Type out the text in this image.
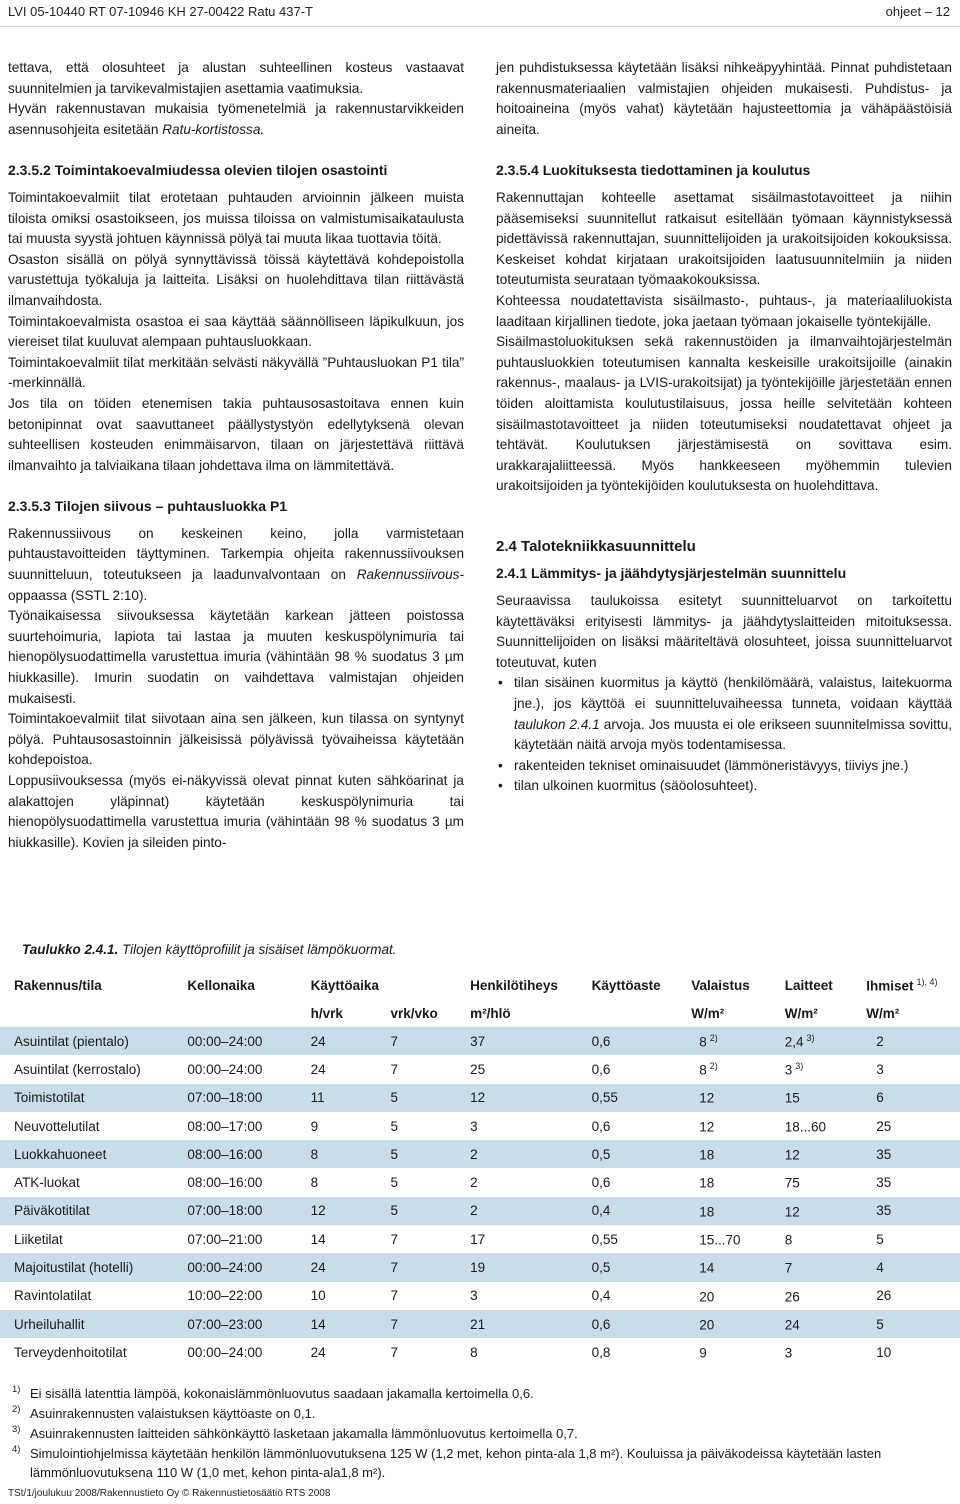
LVI 05-10440 RT 07-10946 KH 27-00422 Ratu 437-T	ohjeet – 12

tettava, että olosuhteet ja alustan suhteellinen kosteus vastaavat suunnitelmien ja tarvikevalmistajien asettamia vaatimuksia.

Hyvän rakennustavan mukaisia työmenetelmiä ja rakennustarvikkeiden asennusohjeita esitetään Ratu-kortistossa.

2.3.5.2 Toimintakoevalmiudessa olevien tilojen osastointi

Toimintakoevalmiit tilat erotetaan puhtauden arvioinnin jälkeen muista tiloista omiksi osastoikseen, jos muissa tiloissa on valmistumisaikataulusta tai muusta syystä johtuen käynnissä pölyä tai muuta likaa tuottavia töitä.

Osaston sisällä on pölyä synnyttävissä töissä käytettävä kohdepoistolla varustettuja työkaluja ja laitteita. Lisäksi on huolehdittava tilan riittävästä ilmanvaihdosta.

Toimintakoevalmista osastoa ei saa käyttää säännölliseen läpikulkuun, jos viereiset tilat kuuluvat alempaan puhtausluokkaan.

Toimintakoevalmiit tilat merkitään selvästi näkyvällä ”Puhtausluokan P1 tila” -merkinnällä.

Jos tila on töiden etenemisen takia puhtausosastoitava ennen kuin betonipinnat ovat saavuttaneet päällystystyön edellytyksenä olevan suhteellisen kosteuden enimmäisarvon, tilaan on järjestettävä riittävä ilmanvaihto ja talviaikana tilaan johdettava ilma on lämmitettävä.

2.3.5.3 Tilojen siivous – puhtausluokka P1

Rakennussiivous on keskeinen keino, jolla varmistetaan puhtaustavoitteiden täyttyminen. Tarkempia ohjeita rakennussiivouksen suunnitteluun, toteutukseen ja laadunvalvontaan on Rakennussiivous-oppaassa (SSTL 2:10).

Työnaikaisessa siivouksessa käytetään karkean jätteen poistossa suurtehoimuria, lapiota tai lastaa ja muuten keskuspölynimuria tai hienopölysuodattimella varustettua imuria (vähintään 98 % suodatus 3 µm hiukkasille). Imurin suodatin on vaihdettava valmistajan ohjeiden mukaisesti.

Toimintakoevalmiit tilat siivotaan aina sen jälkeen, kun tilassa on syntynyt pölyä. Puhtausosastoinnin jälkeisissä pölyävissä työvaiheissa käytetään kohdepoistoa.

Loppusiivouksessa (myös ei-näkyvissä olevat pinnat kuten sähköarinat ja alakattojen yläpinnat) käytetään keskuspölynimuria tai hienopölysuodattimella varustettua imuria (vähintään 98 % suodatus 3 µm hiukkasille). Kovien ja sileiden pinto-

jen puhdistuksessa käytetään lisäksi nihkeäpyyhintää. Pinnat puhdistetaan rakennusmateriaalien valmistajien ohjeiden mukaisesti. Puhdistus- ja hoitoaineina (myös vahat) käytetään hajusteettomia ja vähäpäästöisiä aineita.

2.3.5.4 Luokituksesta tiedottaminen ja koulutus

Rakennuttajan kohteelle asettamat sisäilmastotavoitteet ja niihin pääsemiseksi suunnitellut ratkaisut esitellään työmaan käynnistyksessä pidettävissä rakennuttajan, suunnittelijoiden ja urakoitsijoiden kokouksissa. Keskeiset kohdat kirjataan urakoitsijoiden laatusuunnitelmiin ja niiden toteutumista seurataan työmaakokouksissa.

Kohteessa noudatettavista sisäilmasto-, puhtaus-, ja materiaaliluokista laaditaan kirjallinen tiedote, joka jaetaan työmaan jokaiselle työntekijälle.

Sisäilmastoluokituksen sekä rakennustöiden ja ilmanvaihtojärjestelmän puhtausluokkien toteutumisen kannalta keskeisille urakoitsijoille (ainakin rakennus-, maalaus- ja LVIS-urakoitsijat) ja työntekijöille järjestetään ennen töiden aloittamista koulutustilaisuus, jossa heille selvitetään kohteen sisäilmastotavoitteet ja niiden toteutumiseksi noudatettavat ohjeet ja tehtävät. Koulutuksen järjestämisestä on sovittava esim. urakkarajaliitteessä. Myös hankkeeseen myöhemmin tulevien urakoitsijoiden ja työntekijöiden koulutuksesta on huolehdittava.

2.4 Talotekniikkasuunnittelu
2.4.1 Lämmitys- ja jäähdytysjärjestelmän suunnittelu

Seuraavissa taulukoissa esitetyt suunnitteluarvot on tarkoitettu käytettäväksi erityisesti lämmitys- ja jäähdytyslaitteiden mitoituksessa. Suunnittelijoiden on lisäksi määriteltävä olosuhteet, joissa suunnitteluarvot toteutuvat, kuten

• tilan sisäinen kuormitus ja käyttö (henkilömäärä, valaistus, laitekuorma jne.), jos käyttöä ei suunnitteluvaiheessa tunneta, voidaan käyttää taulukon 2.4.1 arvoja. Jos muusta ei ole erikseen suunnitelmissa sovittu, käytetään näitä arvoja myös todentamisessa.

• rakenteiden tekniset ominaisuudet (lämmöneristävyys, tiiviys jne.)

• tilan ulkoinen kuormitus (säöolosuhteet).

Taulukko 2.4.1. Tilojen käyttöprofiilit ja sisäiset lämpökuormat.
Rakennus/tila	Kellonaika	Käyttöaika		Henkilötiheys	Käyttöaste	Valaistus	Laitteet	Ihmiset $^{1), 4)}$
		h/vrk	vrk/vko	m²/hlö		W/m²	W/m²	W/m²
Asuintilat (pientalo)	00:00–24:00	24	7	37	0,6	8 $^{2)}$	2,4 $^{3)}$	2
Asuintilat (kerrostalo)	00:00–24:00	24	7	25	0,6	8 $^{2)}$	3 $^{3)}$	3
Toimistotilat	07:00–18:00	11	5	12	0,55	12	15	6
Neuvottelutilat	08:00–17:00	9	5	3	0,6	12	18...60	25
Luokkahuoneet	08:00–16:00	8	5	2	0,5	18	12	35
ATK-luokat	08:00–16:00	8	5	2	0,6	18	75	35
Päiväkotitilat	07:00–18:00	12	5	2	0,4	18	12	35
Liiketilat	07:00–21:00	14	7	17	0,55	15...70	8	5
Majoitustilat (hotelli)	00:00–24:00	24	7	19	0,5	14	7	4
Ravintolatilat	10:00–22:00	10	7	3	0,4	20	26	26
Urheiluhallit	07:00–23:00	14	7	21	0,6	20	24	5
Terveydenhoitotilat	00:00–24:00	24	7	8	0,8	9	3	10
1) Ei sisällä latenttia lämpöä, kokonaislämmönluovutus saadaan jakamalla kertoimella 0,6.
2) Asuinrakennusten valaistuksen käyttöaste on 0,1.
3) Asuinrakennusten laitteiden sähkönkäyttö lasketaan jakamalla lämmönluovutus kertoimella 0,7.
4) Simulointiohjelmissa käytetään henkilön lämmönluovutuksena 125 W (1,2 met, kehon pinta-ala 1,8 m²). Kouluissa ja päiväkodeissa käytetään lasten lämmönluovutuksena 110 W (1,0 met, kehon pinta-ala1,8 m²).
TSt/1/joulukuu 2008/Rakennustieto Oy © Rakennustietosäätiö RTS 2008
